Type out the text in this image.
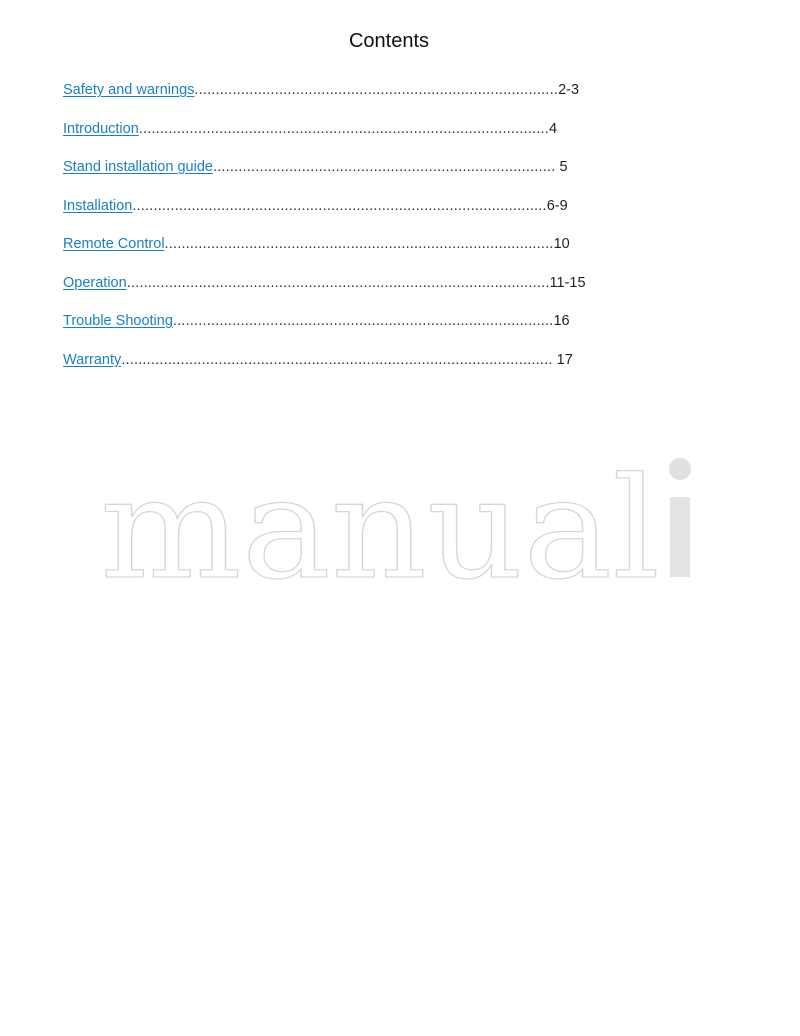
Contents
Safety and warnings......................................................................................2-3
Introduction.................................................................................................4
Stand installation guide................................................................................. 5
Installation..................................................................................................6-9
Remote Control............................................................................................10
Operation....................................................................................................11-15
Trouble Shooting..........................................................................................16
Warranty...................................................................................................... 17
manual
